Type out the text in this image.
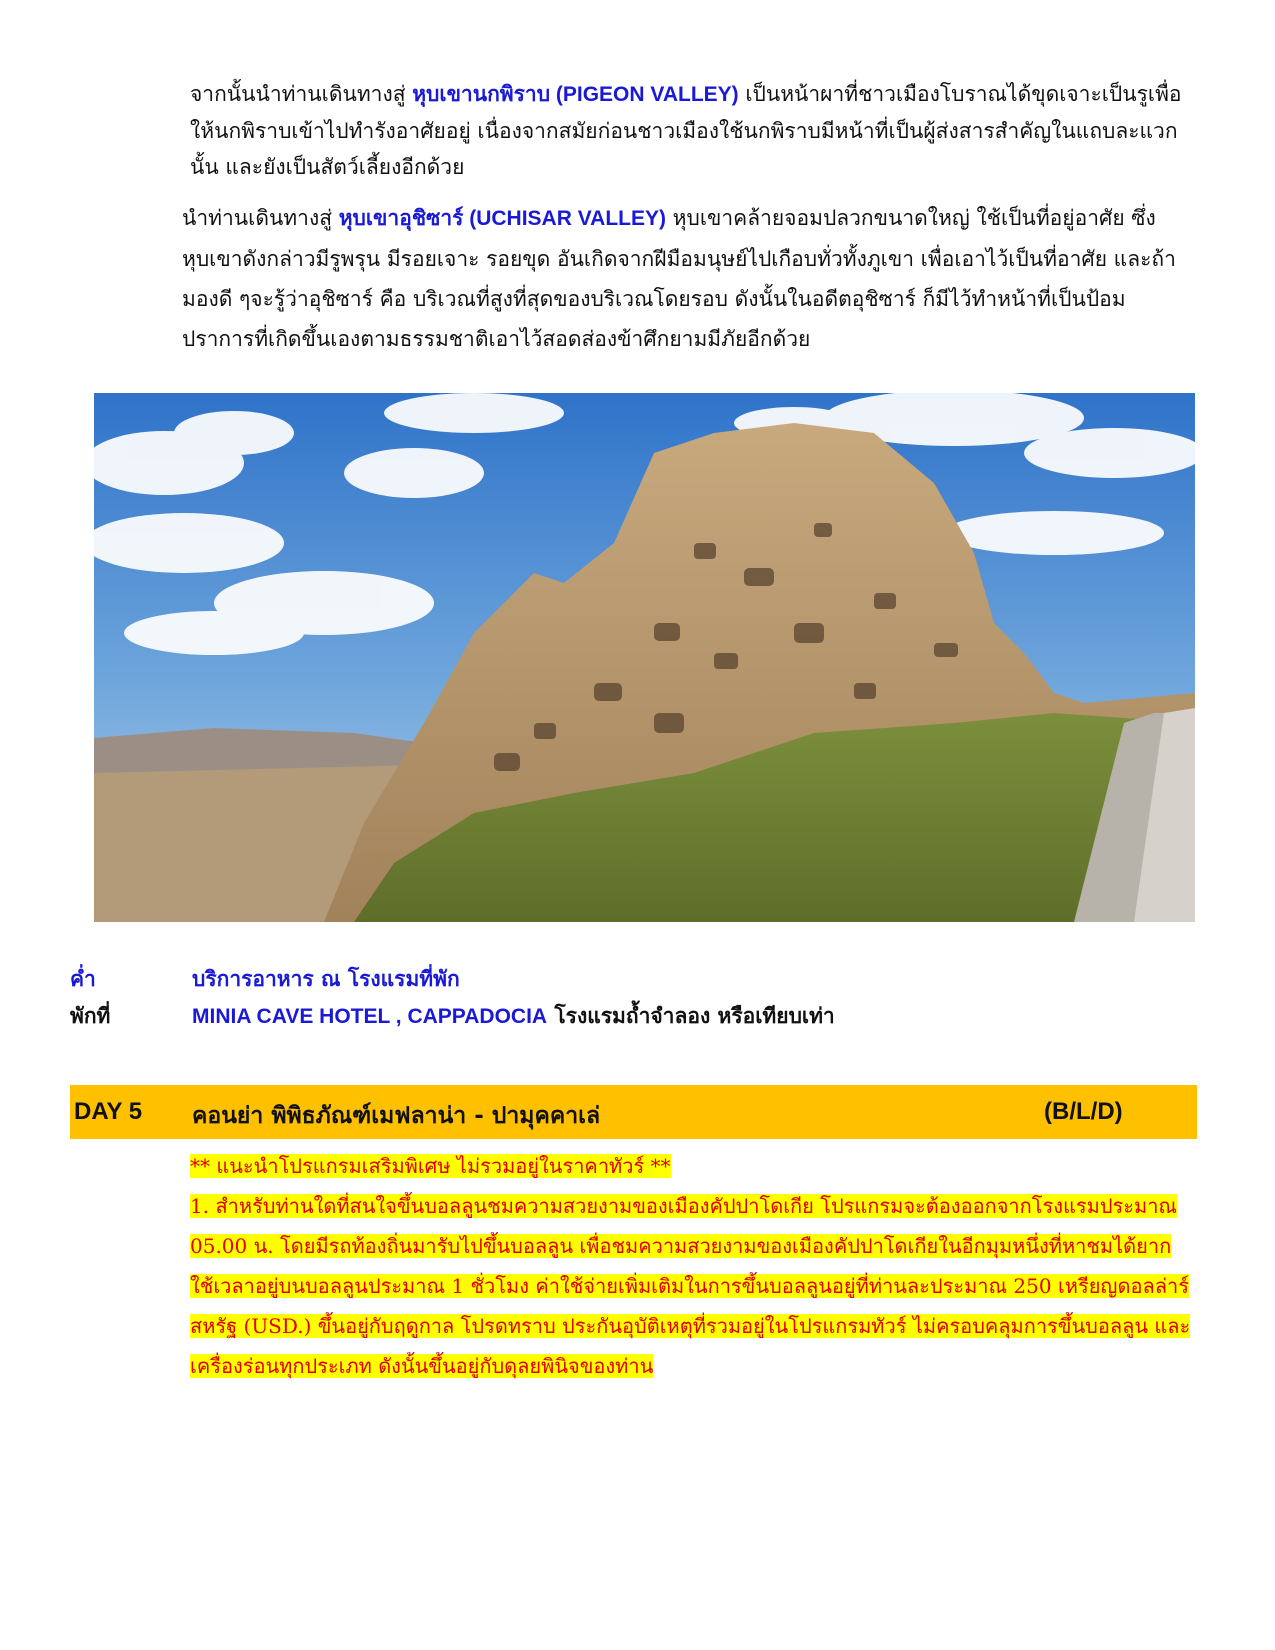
จากนั้นนำท่านเดินทางสู่ หุบเขานกพิราบ (PIGEON VALLEY) เป็นหน้าผาที่ชาวเมืองโบราณได้ขุดเจาะเป็นรูเพื่อให้นกพิราบเข้าไปทำรังอาศัยอยู่ เนื่องจากสมัยก่อนชาวเมืองใช้นกพิราบมีหน้าที่เป็นผู้ส่งสารสำคัญในแถบละแวกนั้น และยังเป็นสัตว์เลี้ยงอีกด้วย
นำท่านเดินทางสู่ หุบเขาอุชิซาร์ (UCHISAR VALLEY) หุบเขาคล้ายจอมปลวกขนาดใหญ่ ใช้เป็นที่อยู่อาศัย ซึ่งหุบเขาดังกล่าวมีรูพรุน มีรอยเจาะ รอยขุด อันเกิดจากฝีมือมนุษย์ไปเกือบทั่วทั้งภูเขา เพื่อเอาไว้เป็นที่อาศัย และถ้ามองดี ๆจะรู้ว่าอุชิซาร์ คือ บริเวณที่สูงที่สุดของบริเวณโดยรอบ ดังนั้นในอดีตอุชิซาร์ ก็มีไว้ทำหน้าที่เป็นป้อมปราการที่เกิดขึ้นเองตามธรรมชาติเอาไว้สอดส่องข้าศึกยามมีภัยอีกด้วย
ค่ำ	บริการอาหาร ณ โรงแรมที่พัก
พักที่	MINIA CAVE HOTEL , CAPPADOCIA โรงแรมถ้ำจำลอง หรือเทียบเท่า
DAY 5 คอนย่า พิพิธภัณฑ์เมฟลาน่า - ปามุคคาเล่	(B/L/D)
** แนะนำโปรแกรมเสริมพิเศษ ไม่รวมอยู่ในราคาทัวร์ **
1. สำหรับท่านใดที่สนใจขึ้นบอลลูนชมความสวยงามของเมืองคัปปาโดเกีย โปรแกรมจะต้องออกจากโรงแรมประมาณ 05.00 น. โดยมีรถท้องถิ่นมารับไปขึ้นบอลลูน เพื่อชมความสวยงามของเมืองคัปปาโดเกียในอีกมุมหนึ่งที่หาชมได้ยาก ใช้เวลาอยู่บนบอลลูนประมาณ 1 ชั่วโมง ค่าใช้จ่ายเพิ่มเติมในการขึ้นบอลลูนอยู่ที่ท่านละประมาณ 250 เหรียญดอลล่าร์สหรัฐ (USD.) ขึ้นอยู่กับฤดูกาล โปรดทราบ ประกันอุบัติเหตุที่รวมอยู่ในโปรแกรมทัวร์ ไม่ครอบคลุมการขึ้นบอลลูน และ เครื่องร่อนทุกประเภท ดังนั้นขึ้นอยู่กับดุลยพินิจของท่าน
